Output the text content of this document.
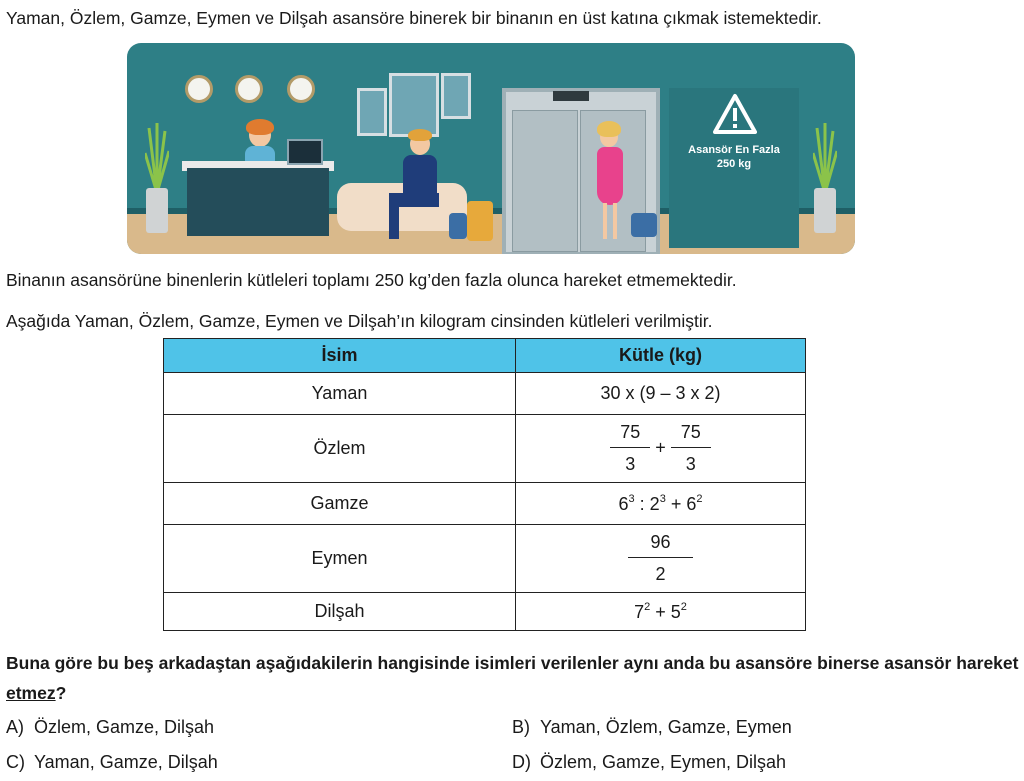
Yaman, Özlem, Gamze, Eymen ve Dilşah asansöre binerek bir binanın en üst katına çıkmak istemektedir.
Asansör En Fazla
250 kg
Binanın asansörüne binenlerin kütleleri toplamı 250 kg’den fazla olunca hareket etmemektedir.
Aşağıda Yaman, Özlem, Gamze, Eymen ve Dilşah’ın kilogram cinsinden kütleleri verilmiştir.
İsim	Kütle (kg)
Yaman	30 x (9 – 3 x 2)
Özlem	$\frac{75}{3} + \frac{75}{3}$

Gamze	$6^3$ : $2^3 + 6^2$
Eymen	$\frac{96}{2}$

Dilşah	$7^2 + 5^2$
Buna göre bu beş arkadaştan aşağıdakilerin hangisinde isimleri verilenler aynı anda bu asansöre binerse asansör hareket etmez?
A) Özlem, Gamze, Dilşah	B) Yaman, Özlem, Gamze, Eymen
C) Yaman, Gamze, Dilşah	D) Özlem, Gamze, Eymen, Dilşah
